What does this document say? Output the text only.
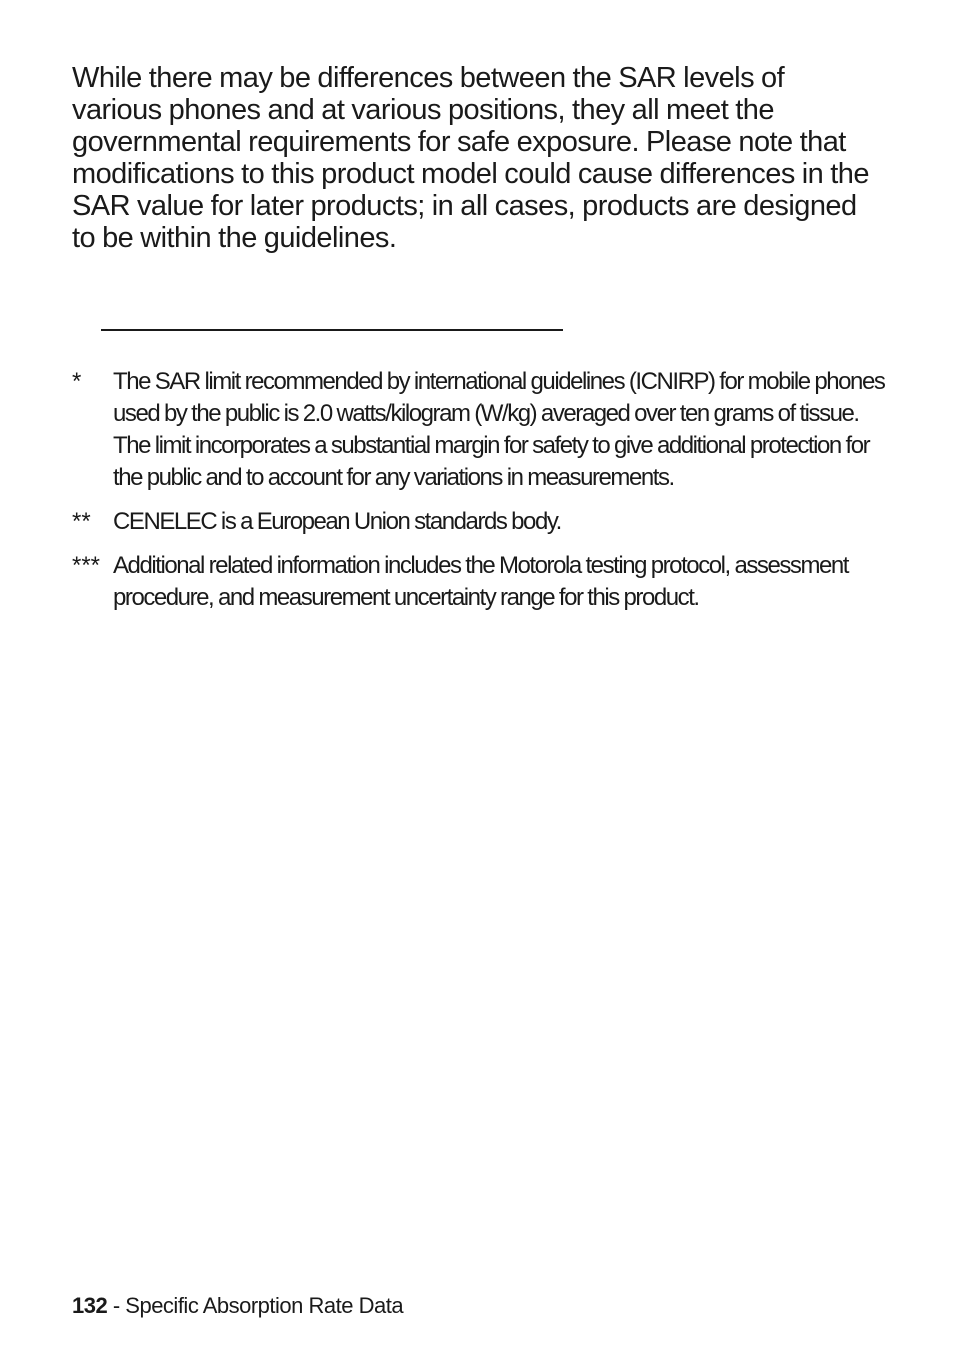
While there may be differences between the SAR levels of various phones and at various positions, they all meet the governmental requirements for safe exposure. Please note that modifications to this product model could cause differences in the SAR value for later products; in all cases, products are designed to be within the guidelines.

*	The SAR limit recommended by international guidelines (ICNIRP) for mobile phones used by the public is 2.0 watts/kilogram (W/kg) averaged over ten grams of tissue. The limit incorporates a substantial margin for safety to give additional protection for the public and to account for any variations in measurements.
** CENELEC is a European Union standards body.
*** Additional related information includes the Motorola testing protocol, assessment procedure, and measurement uncertainty range for this product.
132 - Specific Absorption Rate Data
